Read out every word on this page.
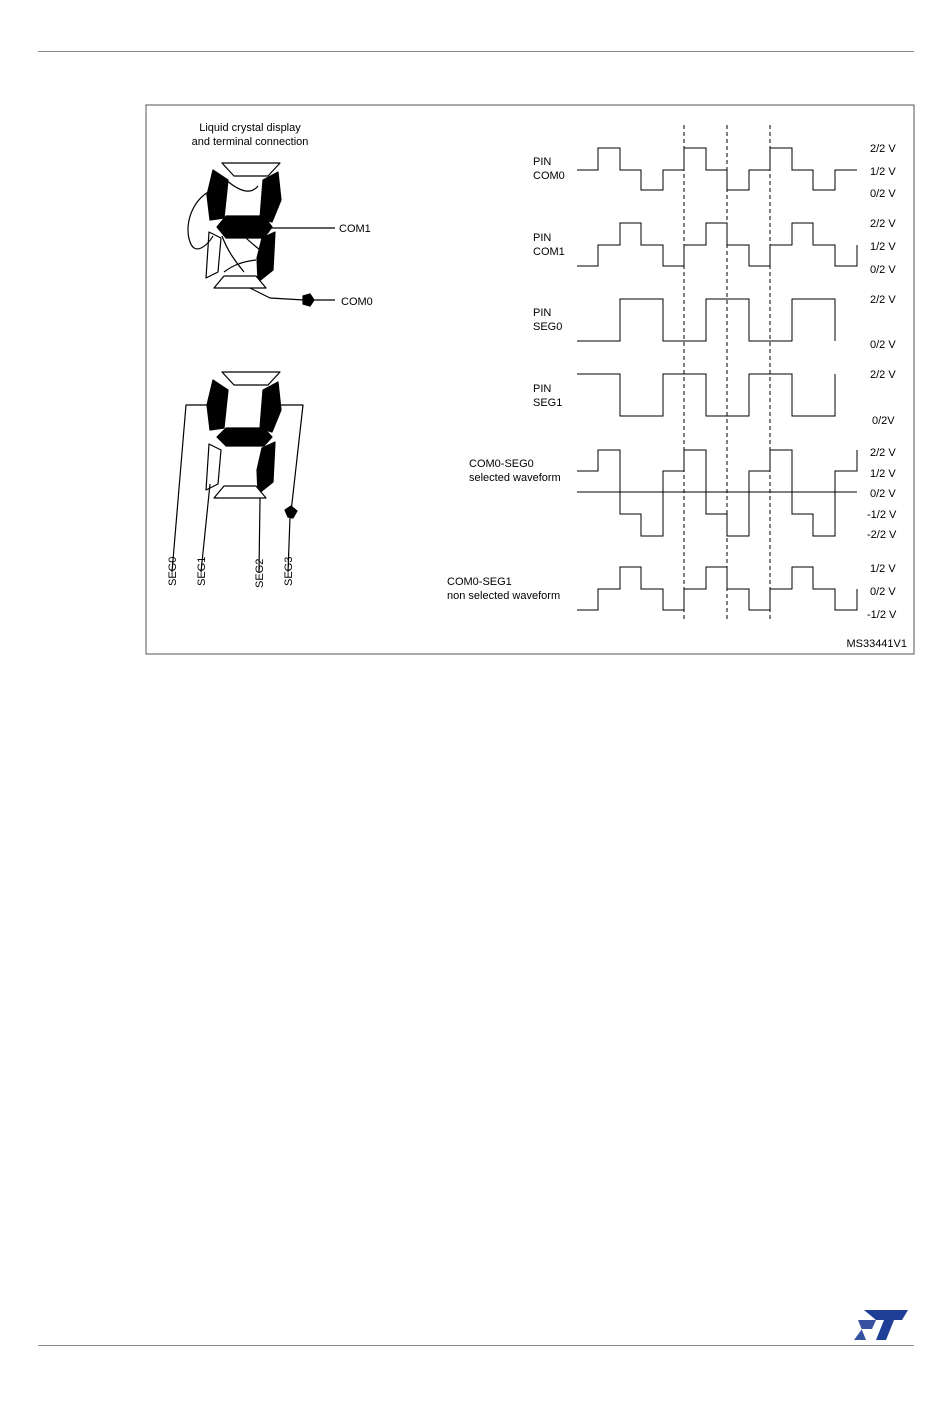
Liquid crystal display
and terminal connection
COM1
COM0
SEG0 SEG1	SEG2 SEG3
PIN
COM0
PIN
COM1
PIN
SEG0
PIN
SEG1
COM0-SEG0
selected waveform
COM0-SEG1
non selected waveform
2/2 V
1/2 V
0/2 V
2/2 V
1/2 V
0/2 V
2/2 V
0/2 V
2/2 V
0/2V
2/2 V
1/2 V
0/2 V
-1/2 V
-2/2 V
1/2 V
0/2 V
-1/2 V
MS33441V1
